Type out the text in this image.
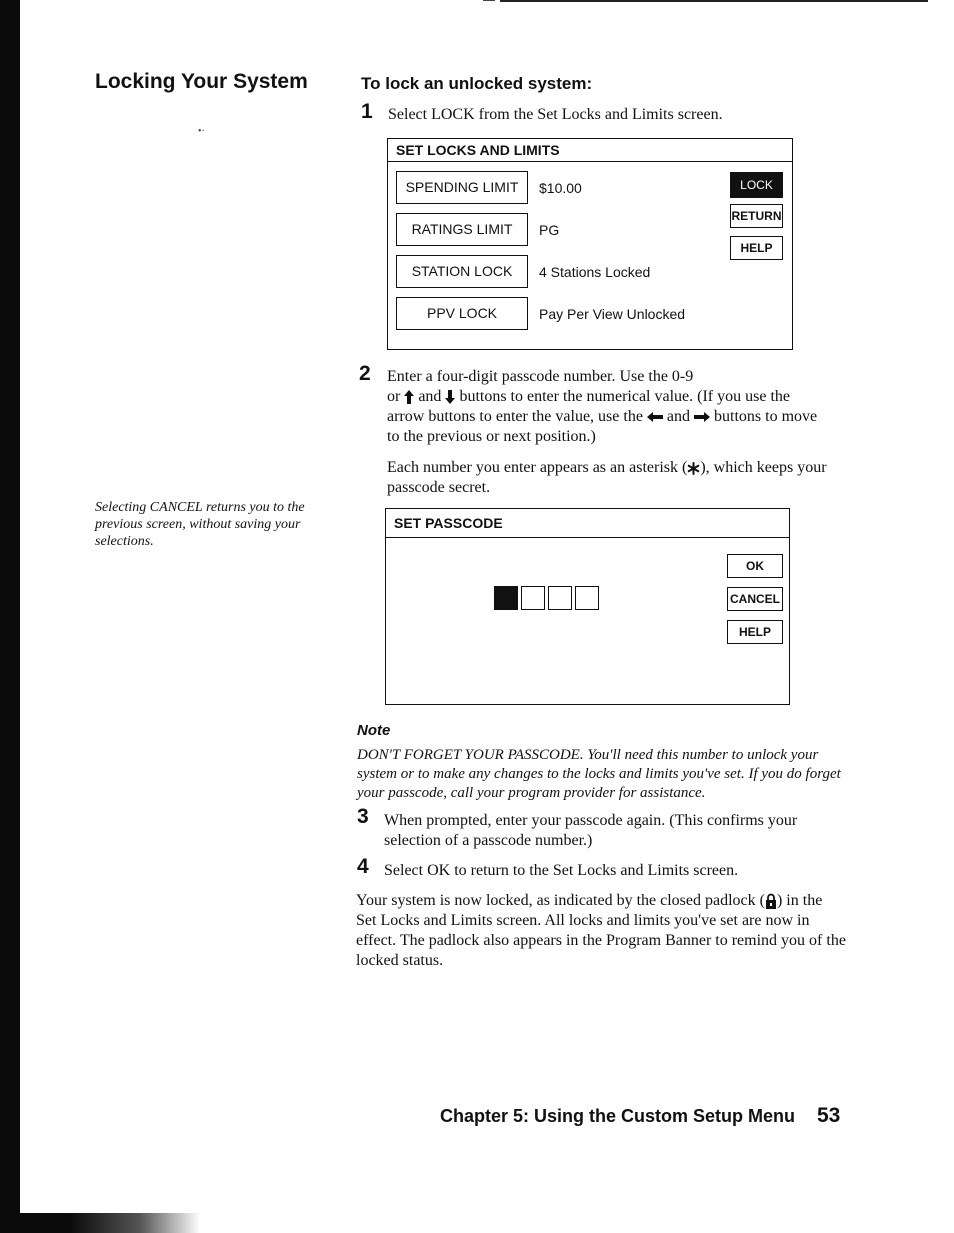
Locking Your System
•·
Selecting CANCEL returns you to the previous screen, without saving your selections.
To lock an unlocked system:
1 Select LOCK from the Set Locks and Limits screen.
SET LOCKS AND LIMITS
SPENDING LIMIT	$10.00
RATINGS LIMIT	PG
STATION LOCK	4 Stations Locked
PPV LOCK	Pay Per View Unlocked
LOCK
RETURN
HELP
2 Enter a four-digit passcode number. Use the 0-9
or and buttons to enter the numerical value. (If you use the
arrow buttons to enter the value, use the and buttons to move
to the previous or next position.)
Each number you enter appears as an asterisk ( ), which keeps your passcode secret.
SET PASSCODE
OK
CANCEL
HELP
Note
DON'T FORGET YOUR PASSCODE. You'll need this number to unlock your system or to make any changes to the locks and limits you've set. If you do forget your passcode, call your program provider for assistance.
3 When prompted, enter your passcode again. (This confirms your selection of a passcode number.)
4 Select OK to return to the Set Locks and Limits screen.
Your system is now locked, as indicated by the closed padlock ( ) in the Set Locks and Limits screen. All locks and limits you've set are now in effect. The padlock also appears in the Program Banner to remind you of the locked status.
Chapter 5: Using the Custom Setup Menu 53
